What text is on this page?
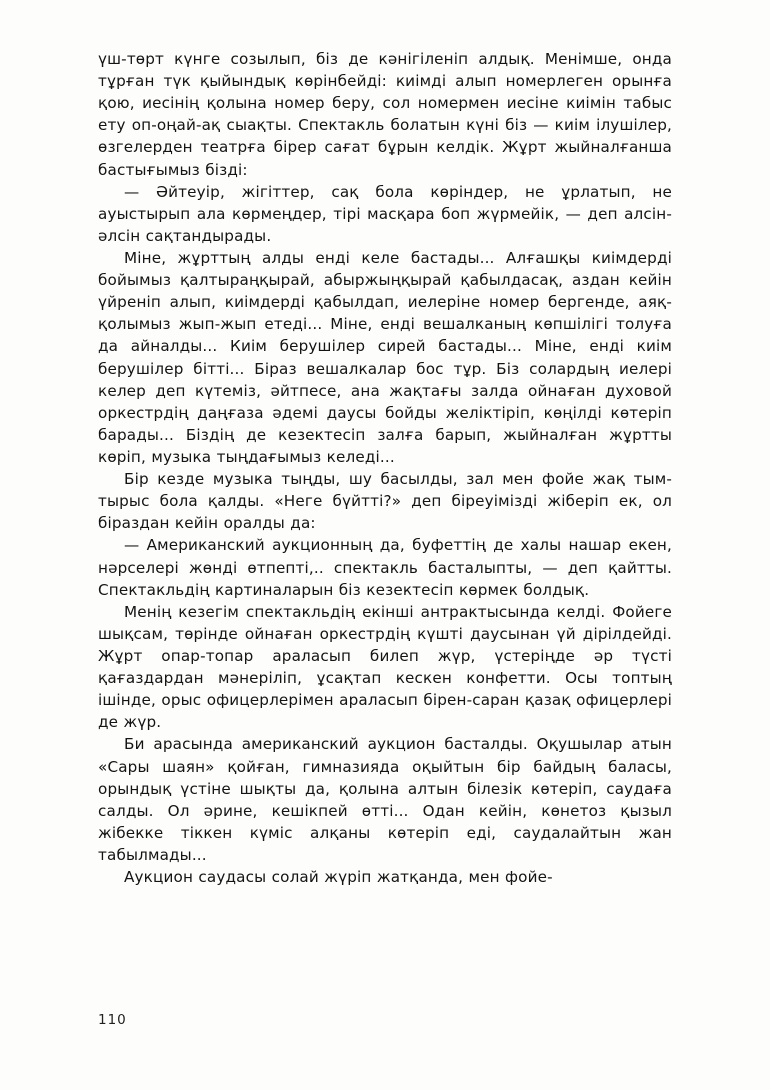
үш-төрт күнге созылып, біз де кәнігіленіп алдық. Менімше, онда тұрған түк қыйындық көрінбейді: киімді алып номерлеген орынға қою, иесінің қолына номер беру, сол номермен иесіне киімін табыс ету оп-оңай-ақ сыақты. Спектакль болатын күні біз — киім ілушілер, өзгелерден театрға бірер сағат бұрын келдік. Жұрт жыйналғанша бастығымыз бізді:

— Әйтеуір, жігіттер, сақ бола көріндер, не ұрлатып, не ауыстырып ала көрмеңдер, тірі масқара боп жүрмейік, — деп алсін-әлсін сақтандырады.

Міне, жұрттың алды енді келе бастады... Алғашқы киімдерді бойымыз қалтыраңқырай, абыржыңқырай қабылдасақ, аздан кейін үйреніп алып, киімдерді қабылдап, иелеріне номер бергенде, аяқ-қолымыз жып-жып етеді... Міне, енді вешалканың көпшілігі толуға да айналды... Киім берушілер сирей бастады... Міне, енді киім берушілер бітті... Біраз вешалкалар бос тұр. Біз солардың иелері келер деп күтеміз, әйтпесе, ана жақтағы залда ойнаған духовой оркестрдің даңғаза әдемі даусы бойды желіктіріп, көңілді көтеріп барады... Біздің де кезектесіп залға барып, жыйналған жұртты көріп, музыка тыңдағымыз келеді...

Бір кезде музыка тыңды, шу басылды, зал мен фойе жақ тым-тырыс бола қалды. «Неге бүйтті?» деп біреуімізді жіберіп ек, ол біраздан кейін оралды да:

— Американский аукционның да, буфеттің де халы нашар екен, нәрселері жөнді өтпепті,.. спектакль басталыпты, — деп қайтты. Спектакльдің картиналарын біз кезектесіп көрмек болдық.

Менің кезегім спектакльдің екінші антрактысында келді. Фойеге шықсам, төрінде ойнаған оркестрдің күшті даусынан үй дірілдейді. Жұрт опар-топар араласып билеп жүр, үстеріңде әр түсті қағаздардан мәнеріліп, ұсақтап кескен конфетти. Осы топтың ішінде, орыс офицерлерімен араласып бірен-саран қазақ офицерлері де жүр.

Би арасында американский аукцион басталды. Оқушылар атын «Сары шаян» қойған, гимназияда оқыйтын бір байдың баласы, орындық үстіне шықты да, қолына алтын білезік көтеріп, саудаға салды. Ол әрине, кешікпей өтті... Одан кейін, көнетоз қызыл жібекке тіккен күміс алқаны көтеріп еді, саудалайтын жан табылмады...

Аукцион саудасы солай жүріп жатқанда, мен фойе-

110
